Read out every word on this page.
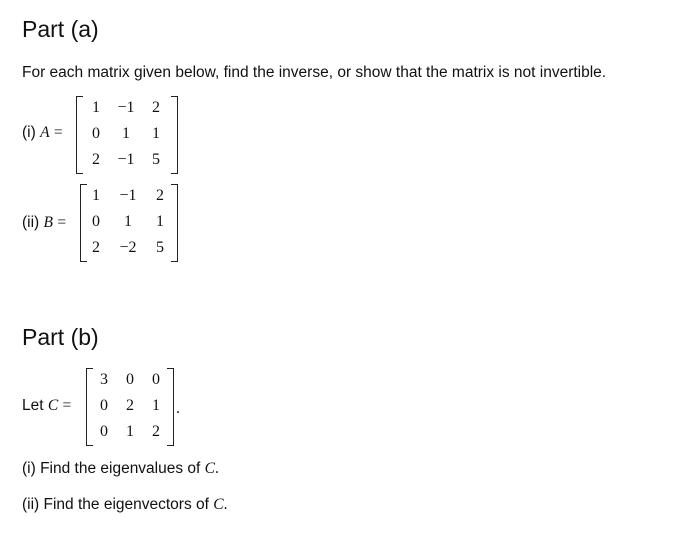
Part (a)
For each matrix given below, find the inverse, or show that the matrix is not invertible.
(i) A =
1	−1	2
0	1	1
2	−1	5
(ii) B =
1	−1	2
0	1	1
2	−2	5
Part (b)
Let C =
3	0	0
0	2	1
0	1	2
.
(i) Find the eigenvalues of C.
(ii) Find the eigenvectors of C.
